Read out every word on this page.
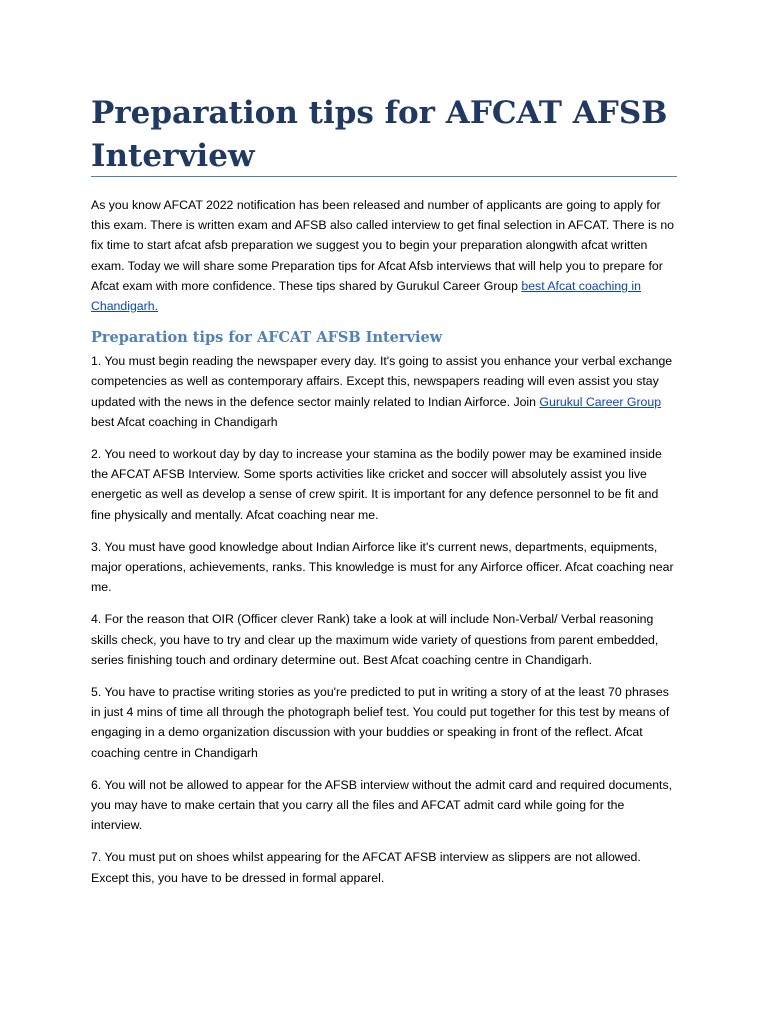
Preparation tips for AFCAT AFSB Interview

As you know AFCAT 2022 notification has been released and number of applicants are going to apply for this exam. There is written exam and AFSB also called interview to get final selection in AFCAT. There is no fix time to start afcat afsb preparation we suggest you to begin your preparation alongwith afcat written exam. Today we will share some Preparation tips for Afcat Afsb interviews that will help you to prepare for Afcat exam with more confidence. These tips shared by Gurukul Career Group best Afcat coaching in Chandigarh.

Preparation tips for AFCAT AFSB Interview

1. You must begin reading the newspaper every day. It's going to assist you enhance your verbal exchange competencies as well as contemporary affairs. Except this, newspapers reading will even assist you stay updated with the news in the defence sector mainly related to Indian Airforce. Join Gurukul Career Group best Afcat coaching in Chandigarh

2. You need to workout day by day to increase your stamina as the bodily power may be examined inside the AFCAT AFSB Interview. Some sports activities like cricket and soccer will absolutely assist you live energetic as well as develop a sense of crew spirit. It is important for any defence personnel to be fit and fine physically and mentally. Afcat coaching near me.

3. You must have good knowledge about Indian Airforce like it's current news, departments, equipments, major operations, achievements, ranks. This knowledge is must for any Airforce officer. Afcat coaching near me.

4. For the reason that OIR (Officer clever Rank) take a look at will include Non-Verbal/ Verbal reasoning skills check, you have to try and clear up the maximum wide variety of questions from parent embedded, series finishing touch and ordinary determine out. Best Afcat coaching centre in Chandigarh.

5. You have to practise writing stories as you're predicted to put in writing a story of at the least 70 phrases in just 4 mins of time all through the photograph belief test. You could put together for this test by means of engaging in a demo organization discussion with your buddies or speaking in front of the reflect. Afcat coaching centre in Chandigarh

6. You will not be allowed to appear for the AFSB interview without the admit card and required documents, you may have to make certain that you carry all the files and AFCAT admit card while going for the interview.

7. You must put on shoes whilst appearing for the AFCAT AFSB interview as slippers are not allowed. Except this, you have to be dressed in formal apparel.
